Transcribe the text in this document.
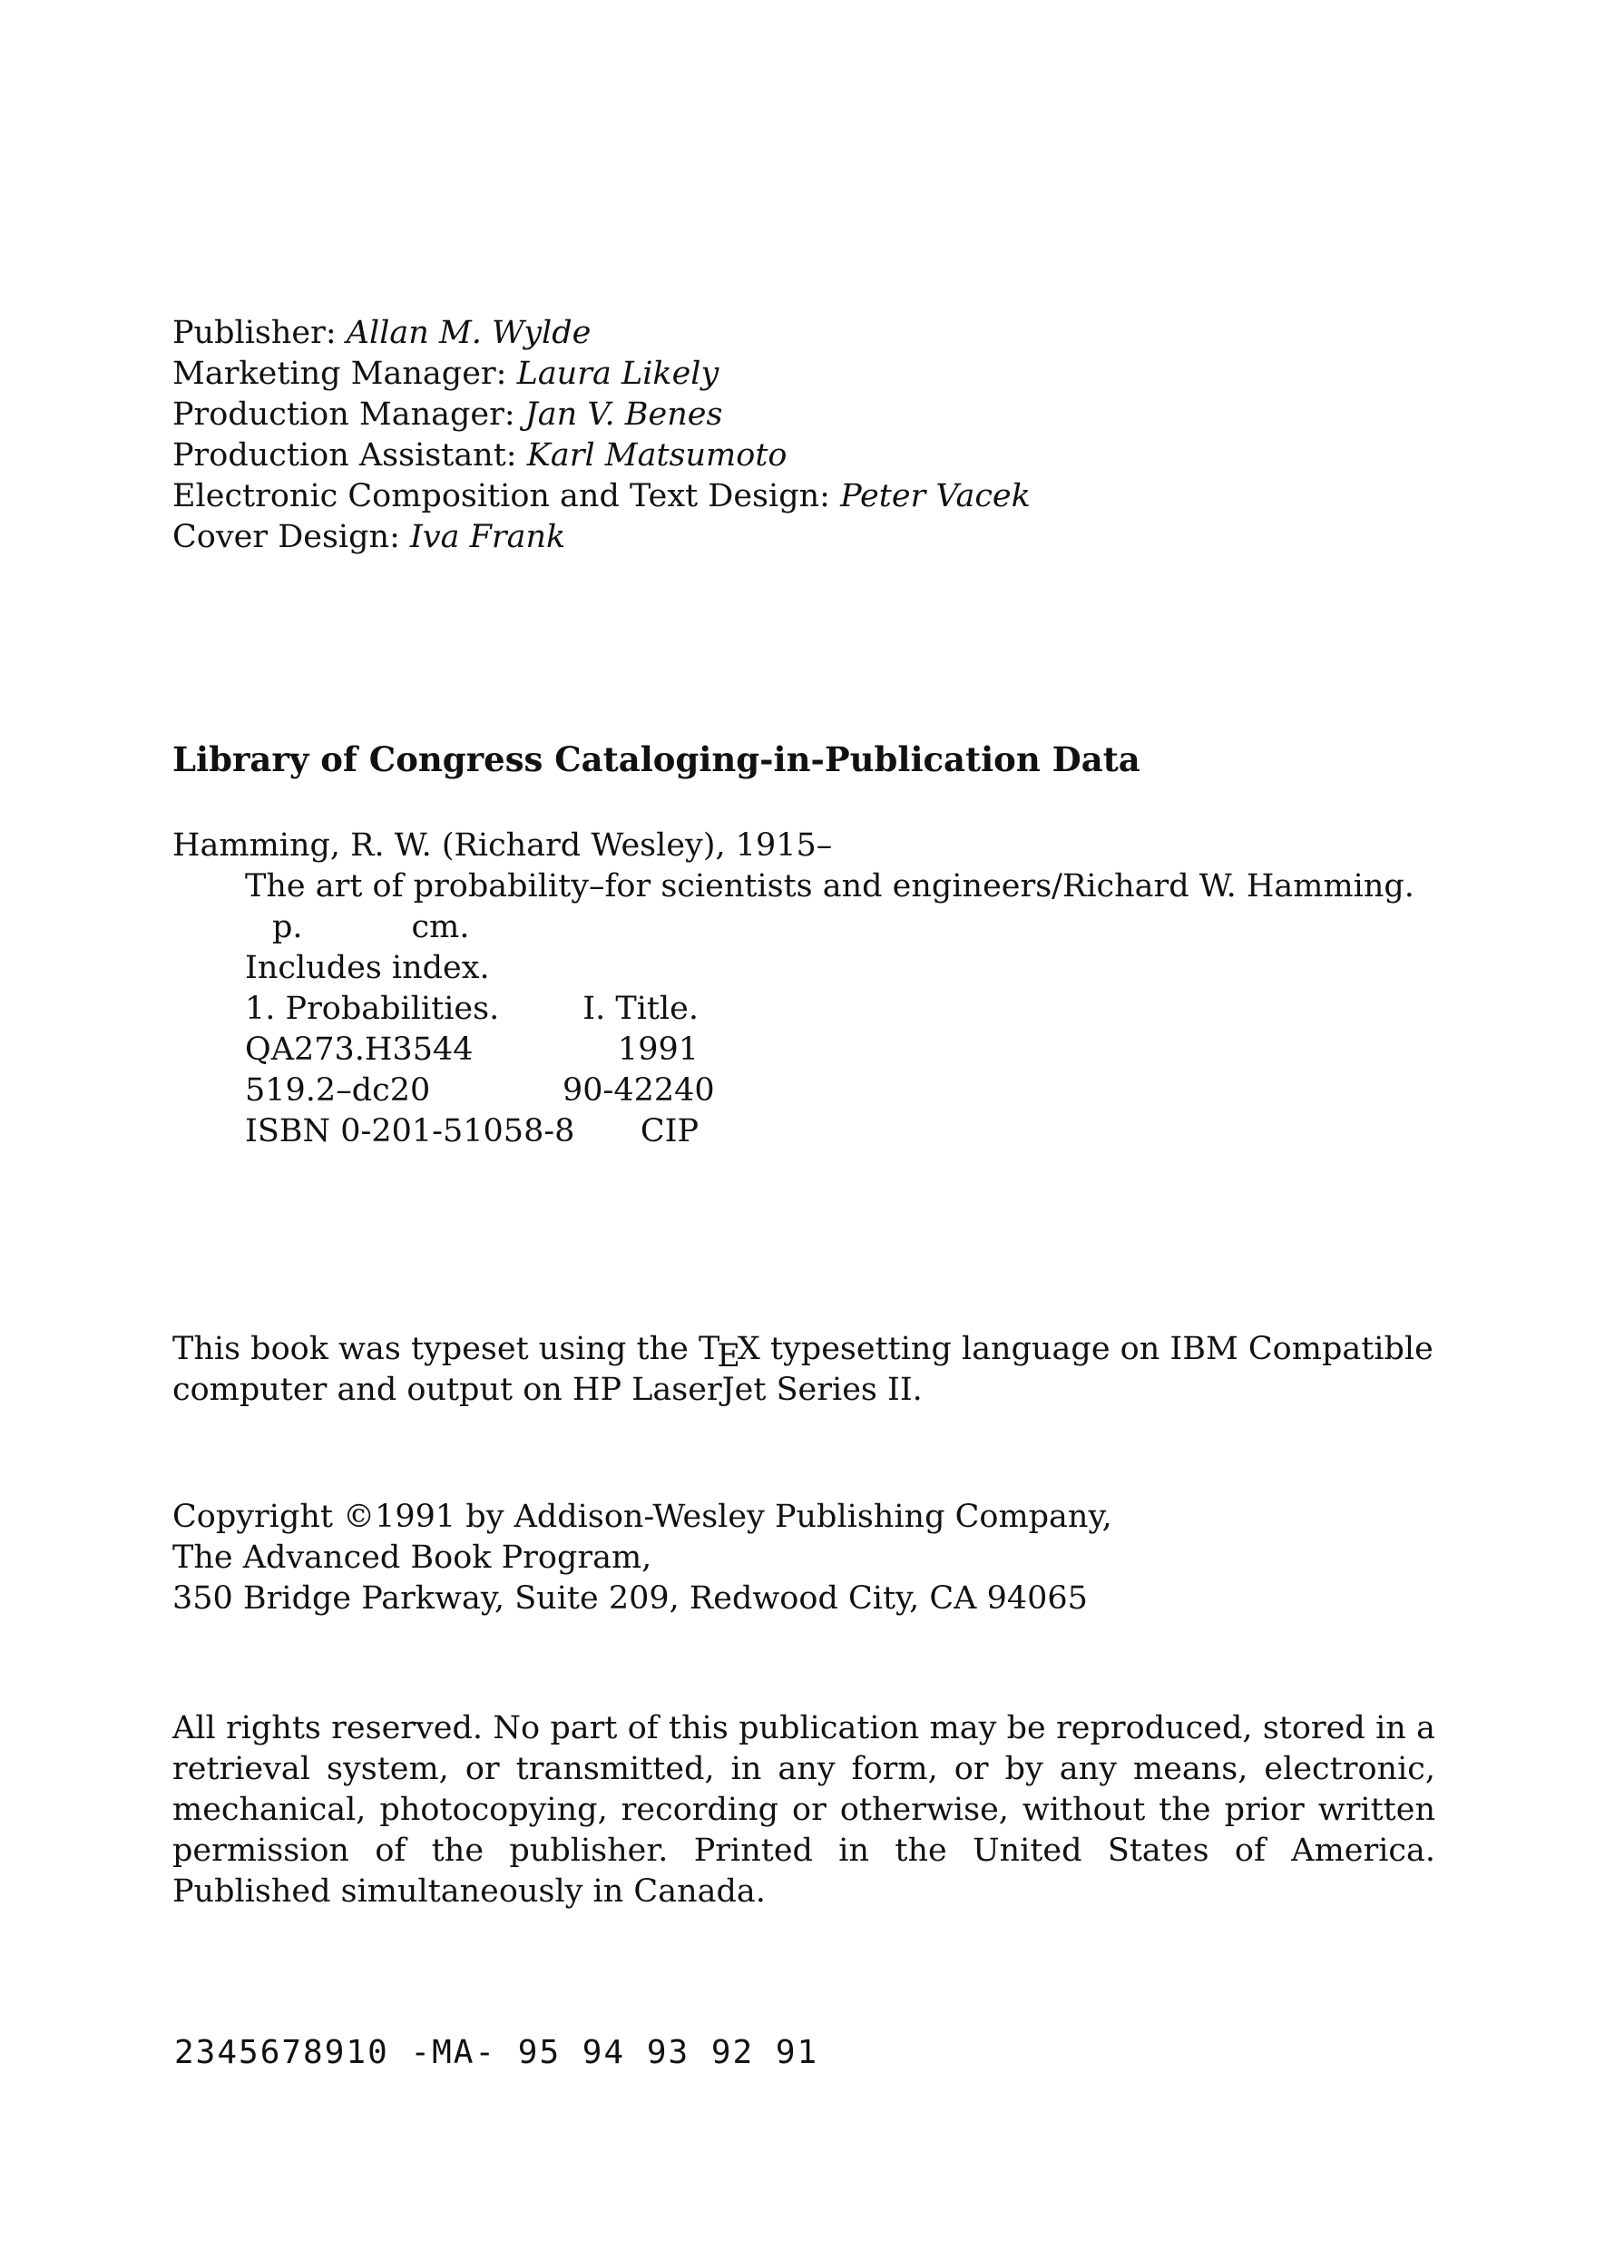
Publisher: Allan M. Wylde
Marketing Manager: Laura Likely
Production Manager: Jan V. Benes
Production Assistant: Karl Matsumoto
Electronic Composition and Text Design: Peter Vacek
Cover Design: Iva Frank
Library of Congress Cataloging-in-Publication Data
Hamming, R. W. (Richard Wesley), 1915–
The art of probability–for scientists and engineers/Richard W. Hamming.
p.	cm.
Includes index.
1. Probabilities.	I. Title.
QA273.H3544	1991
519.2–dc20	90-42240
ISBN 0-201-51058-8	CIP

This book was typeset using the TEX typesetting language on IBM Compatible

computer and output on HP LaserJet Series II.

Copyright ©1991 by Addison-Wesley Publishing Company,
The Advanced Book Program,
350 Bridge Parkway, Suite 209, Redwood City, CA 94065

All rights reserved. No part of this publication may be reproduced, stored in a retrieval system, or transmitted, in any form, or by any means, electronic, mechanical, photocopying, recording or otherwise, without the prior written permission of the publisher. Printed in the United States of America. Published simultaneously in Canada.

2345678910 -MA- 95 94 93 92 91
